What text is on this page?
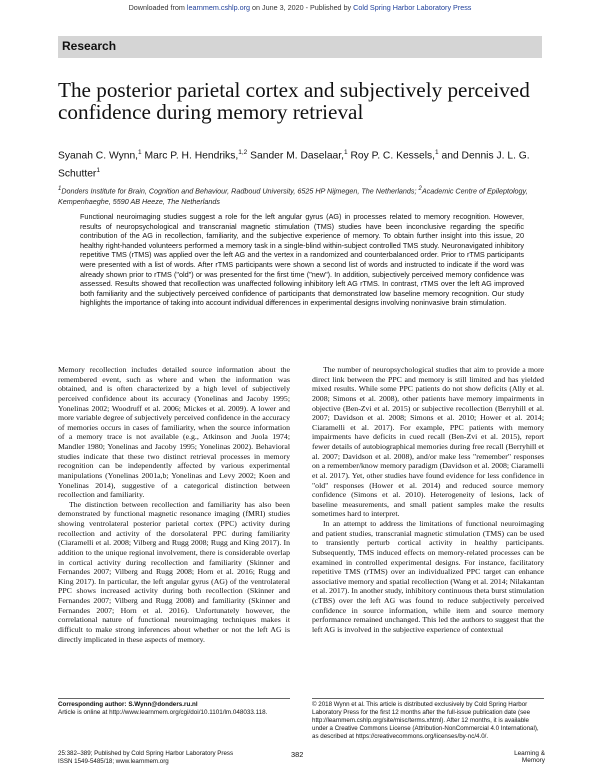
Downloaded from learnmem.cshlp.org on June 3, 2020 - Published by Cold Spring Harbor Laboratory Press
Research
The posterior parietal cortex and subjectively perceived confidence during memory retrieval
Syanah C. Wynn,$^1$ Marc P. H. Hendriks,$^{1,2}$ Sander M. Daselaar,$^1$ Roy P. C. Kessels,$^1$ and Dennis J. L. G. Schutter$^1$
$^1$Donders Institute for Brain, Cognition and Behaviour, Radboud University, 6525 HP Nijmegen, The Netherlands; $^2$Academic Centre of Epileptology, Kempenhaeghe, 5590 AB Heeze, The Netherlands
Functional neuroimaging studies suggest a role for the left angular gyrus (AG) in processes related to memory recognition. However, results of neuropsychological and transcranial magnetic stimulation (TMS) studies have been inconclusive regarding the specific contribution of the AG in recollection, familiarity, and the subjective experience of memory. To obtain further insight into this issue, 20 healthy right-handed volunteers performed a memory task in a single-blind within-subject controlled TMS study. Neuronavigated inhibitory repetitive TMS (rTMS) was applied over the left AG and the vertex in a randomized and counterbalanced order. Prior to rTMS participants were presented with a list of words. After rTMS participants were shown a second list of words and instructed to indicate if the word was already shown prior to rTMS ("old") or was presented for the first time ("new"). In addition, subjectively perceived memory confidence was assessed. Results showed that recollection was unaffected following inhibitory left AG rTMS. In contrast, rTMS over the left AG improved both familiarity and the subjectively perceived confidence of participants that demonstrated low baseline memory recognition. Our study highlights the importance of taking into account individual differences in experimental designs involving noninvasive brain stimulation.

Memory recollection includes detailed source information about the remembered event, such as where and when the information was obtained, and is often characterized by a high level of subjectively perceived confidence about its accuracy (Yonelinas and Jacoby 1995; Yonelinas 2002; Woodruff et al. 2006; Mickes et al. 2009). A lower and more variable degree of subjectively perceived confidence in the accuracy of memories occurs in cases of familiarity, when the source information of a memory trace is not available (e.g., Atkinson and Juola 1974; Mandler 1980; Yonelinas and Jacoby 1995; Yonelinas 2002). Behavioral studies indicate that these two distinct retrieval processes in memory recognition can be independently affected by various experimental manipulations (Yonelinas 2001a,b; Yonelinas and Levy 2002; Koen and Yonelinas 2014), suggestive of a categorical distinction between recollection and familiarity.

The distinction between recollection and familiarity has also been demonstrated by functional magnetic resonance imaging (fMRI) studies showing ventrolateral posterior parietal cortex (PPC) activity during recollection and activity of the dorsolateral PPC during familiarity (Ciaramelli et al. 2008; Vilberg and Rugg 2008; Rugg and King 2017). In addition to the unique regional involvement, there is considerable overlap in cortical activity during recollection and familiarity (Skinner and Fernandes 2007; Vilberg and Rugg 2008; Horn et al. 2016; Rugg and King 2017). In particular, the left angular gyrus (AG) of the ventrolateral PPC shows increased activity during both recollection (Skinner and Fernandes 2007; Vilberg and Rugg 2008) and familiarity (Skinner and Fernandes 2007; Horn et al. 2016). Unfortunately however, the correlational nature of functional neuroimaging techniques makes it difficult to make strong inferences about whether or not the left AG is directly implicated in these aspects of memory.

The number of neuropsychological studies that aim to provide a more direct link between the PPC and memory is still limited and has yielded mixed results. While some PPC patients do not show deficits (Ally et al. 2008; Simons et al. 2008), other patients have memory impairments in objective (Ben-Zvi et al. 2015) or subjective recollection (Berryhill et al. 2007; Davidson et al. 2008; Simons et al. 2010; Hower et al. 2014; Ciaramelli et al. 2017). For example, PPC patients with memory impairments have deficits in cued recall (Ben-Zvi et al. 2015), report fewer details of autobiographical memories during free recall (Berryhill et al. 2007; Davidson et al. 2008), and/or make less "remember" responses on a remember/know memory paradigm (Davidson et al. 2008; Ciaramelli et al. 2017). Yet, other studies have found evidence for less confidence in "old" responses (Hower et al. 2014) and reduced source memory confidence (Simons et al. 2010). Heterogeneity of lesions, lack of baseline measurements, and small patient samples make the results sometimes hard to interpret.

In an attempt to address the limitations of functional neuroimaging and patient studies, transcranial magnetic stimulation (TMS) can be used to transiently perturb cortical activity in healthy participants. Subsequently, TMS induced effects on memory-related processes can be examined in controlled experimental designs. For instance, facilitatory repetitive TMS (rTMS) over an individualized PPC target can enhance associative memory and spatial recollection (Wang et al. 2014; Nilakantan et al. 2017). In another study, inhibitory continuous theta burst stimulation (cTBS) over the left AG was found to reduce subjectively perceived confidence in source information, while item and source memory performance remained unchanged. This led the authors to suggest that the left AG is involved in the subjective experience of contextual

Corresponding author: S.Wynn@donders.ru.nl
Article is online at http://www.learnmem.org/cgi/doi/10.1101/lm.048033.118.
© 2018 Wynn et al. This article is distributed exclusively by Cold Spring Harbor Laboratory Press for the first 12 months after the full-issue publication date (see http://learnmem.cshlp.org/site/misc/terms.xhtml). After 12 months, it is available under a Creative Commons License (Attribution-NonCommercial 4.0 International), as described at https://creativecommons.org/licenses/by-nc/4.0/.
25:382–389; Published by Cold Spring Harbor Laboratory Press
ISSN 1549-5485/18; www.learnmem.org
382	Learning & Memory
